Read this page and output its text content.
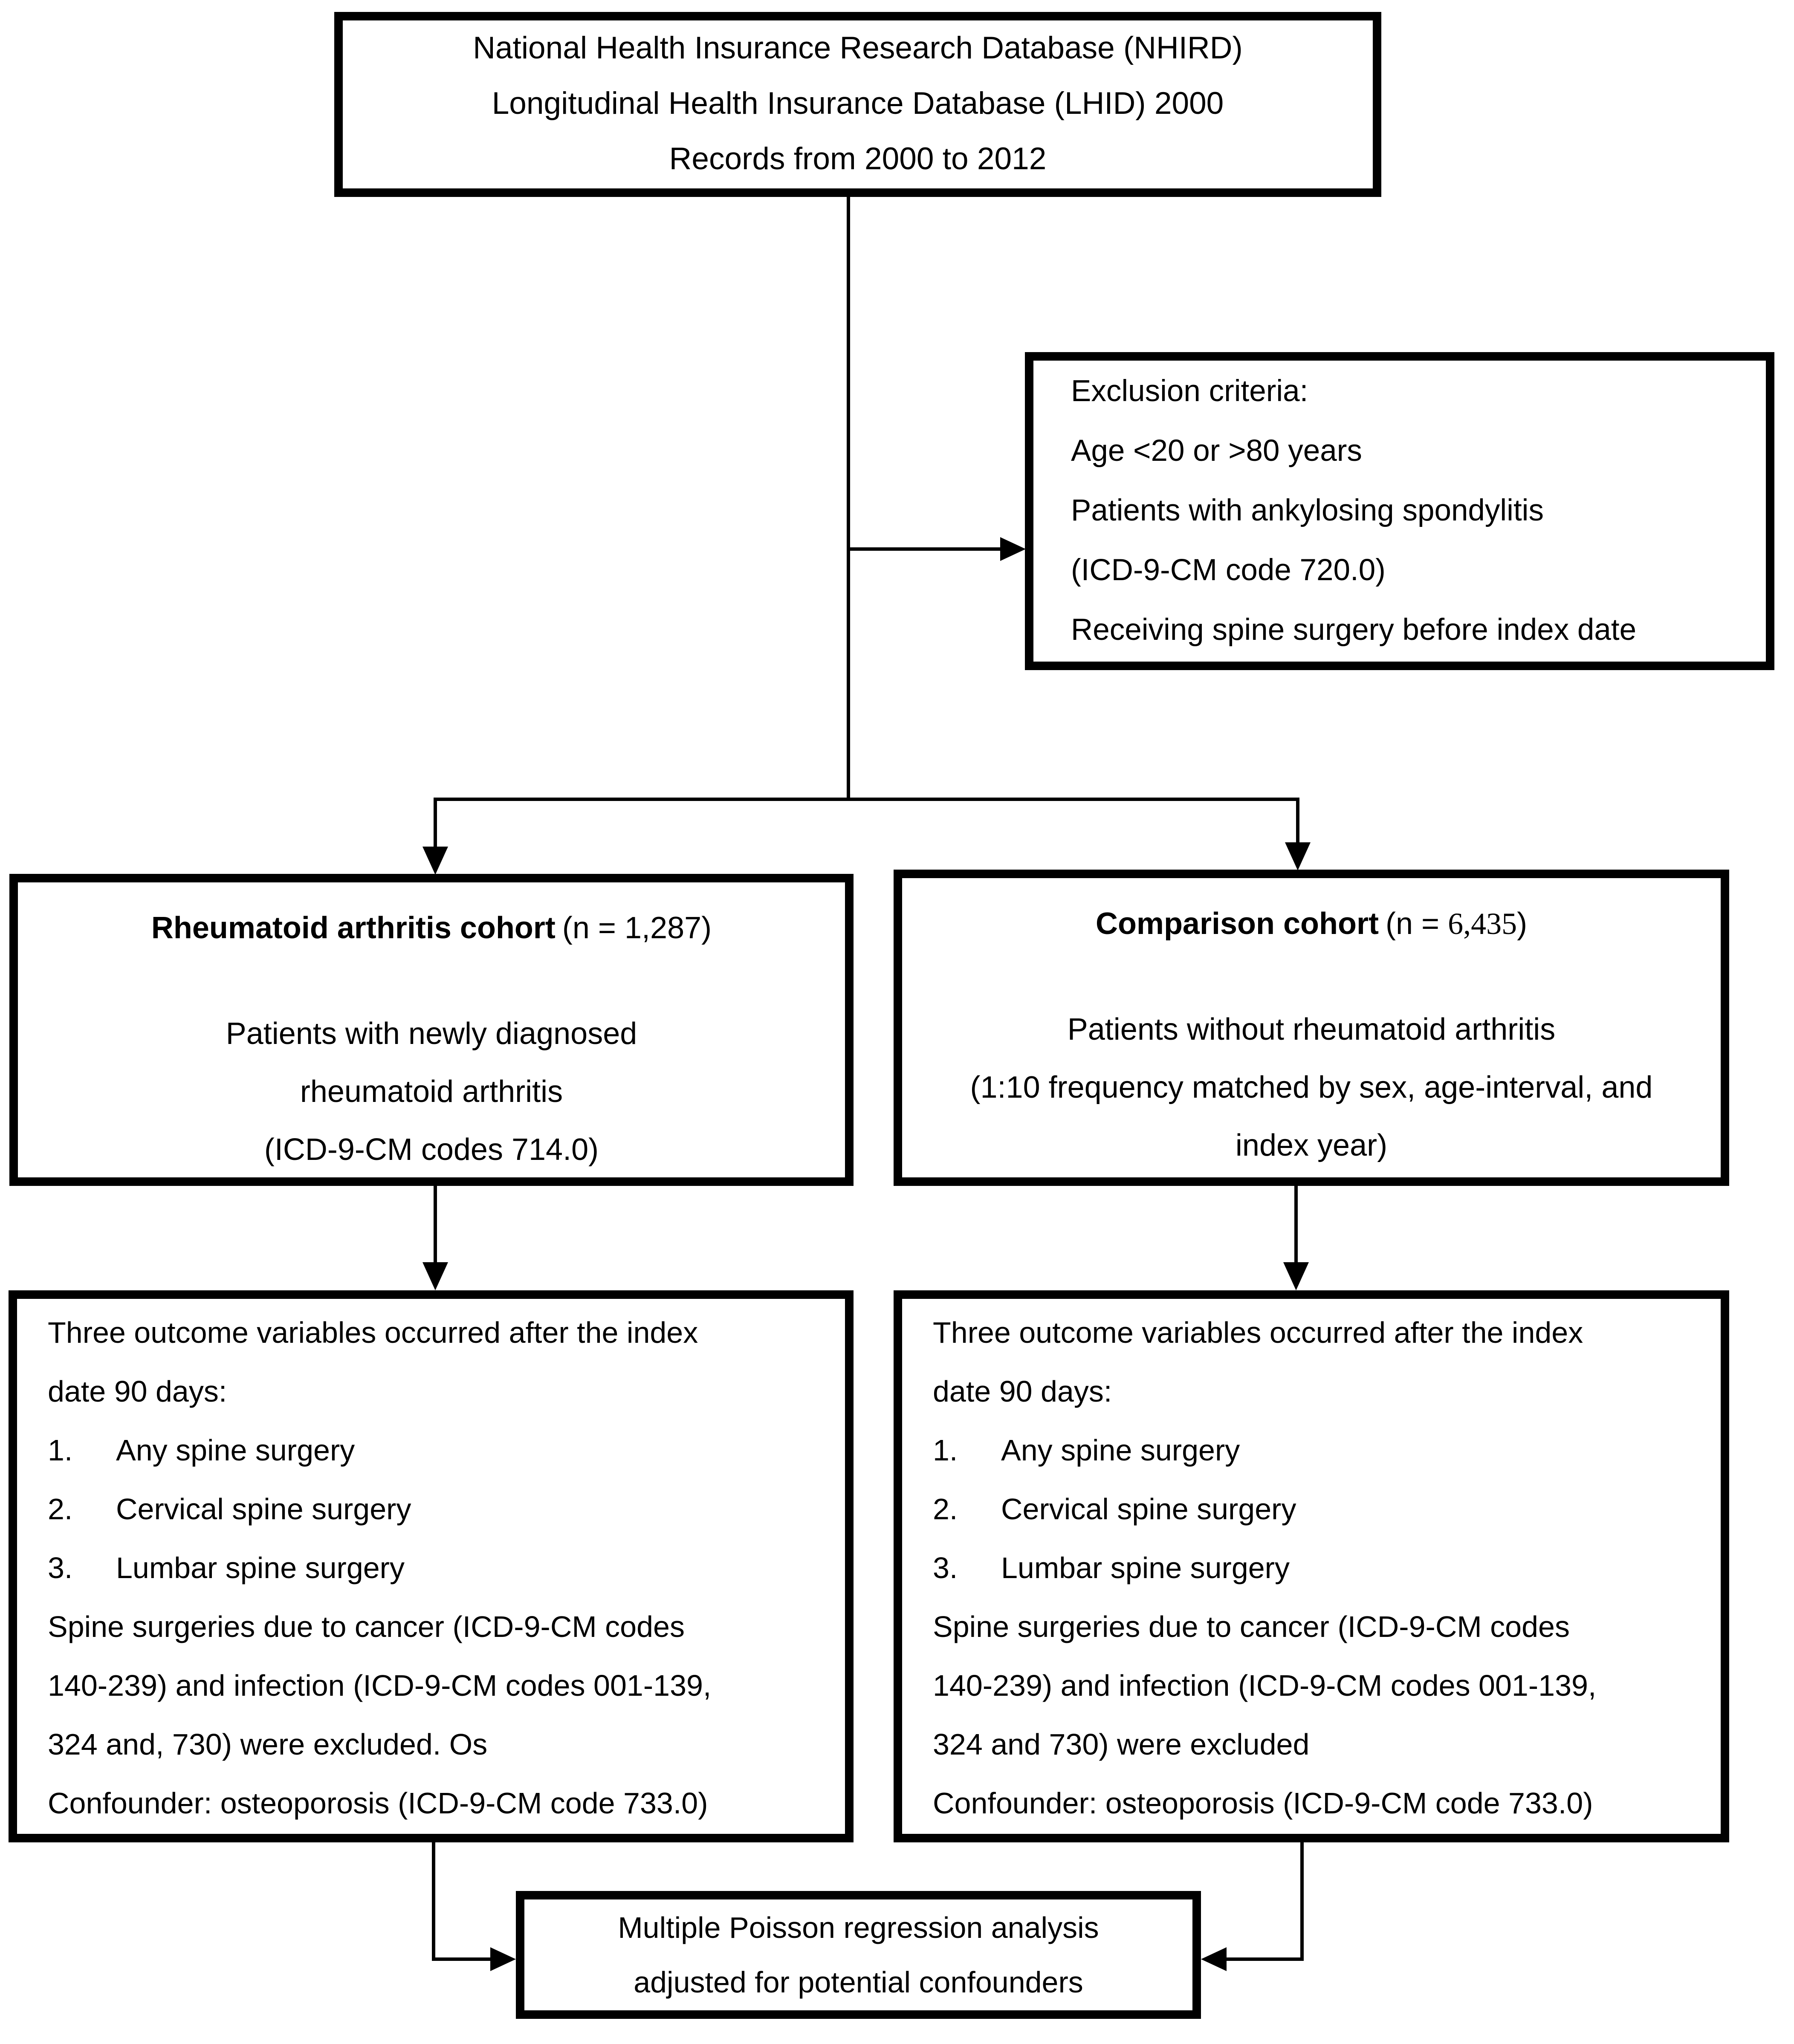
National Health Insurance Research Database (NHIRD)
Longitudinal Health Insurance Database (LHID) 2000
Records from 2000 to 2012
Exclusion criteria:
Age <20 or >80 years
Patients with ankylosing spondylitis
(ICD-9-CM code 720.0)
Receiving spine surgery before index date
Rheumatoid arthritis cohort (n = 1,287)
Patients with newly diagnosed
rheumatoid arthritis
(ICD-9-CM codes 714.0)
Comparison cohort (n = 6,435)
Patients without rheumatoid arthritis
(1:10 frequency matched by sex, age-interval, and
index year)
Three outcome variables occurred after the index
date 90 days:
1. Any spine surgery
2. Cervical spine surgery
3. Lumbar spine surgery
Spine surgeries due to cancer (ICD-9-CM codes
140-239) and infection (ICD-9-CM codes 001-139,
324 and, 730) were excluded. Os
Confounder: osteoporosis (ICD-9-CM code 733.0)
Three outcome variables occurred after the index
date 90 days:
1. Any spine surgery
2. Cervical spine surgery
3. Lumbar spine surgery
Spine surgeries due to cancer (ICD-9-CM codes
140-239) and infection (ICD-9-CM codes 001-139,
324 and 730) were excluded
Confounder: osteoporosis (ICD-9-CM code 733.0)
Multiple Poisson regression analysis
adjusted for potential confounders
